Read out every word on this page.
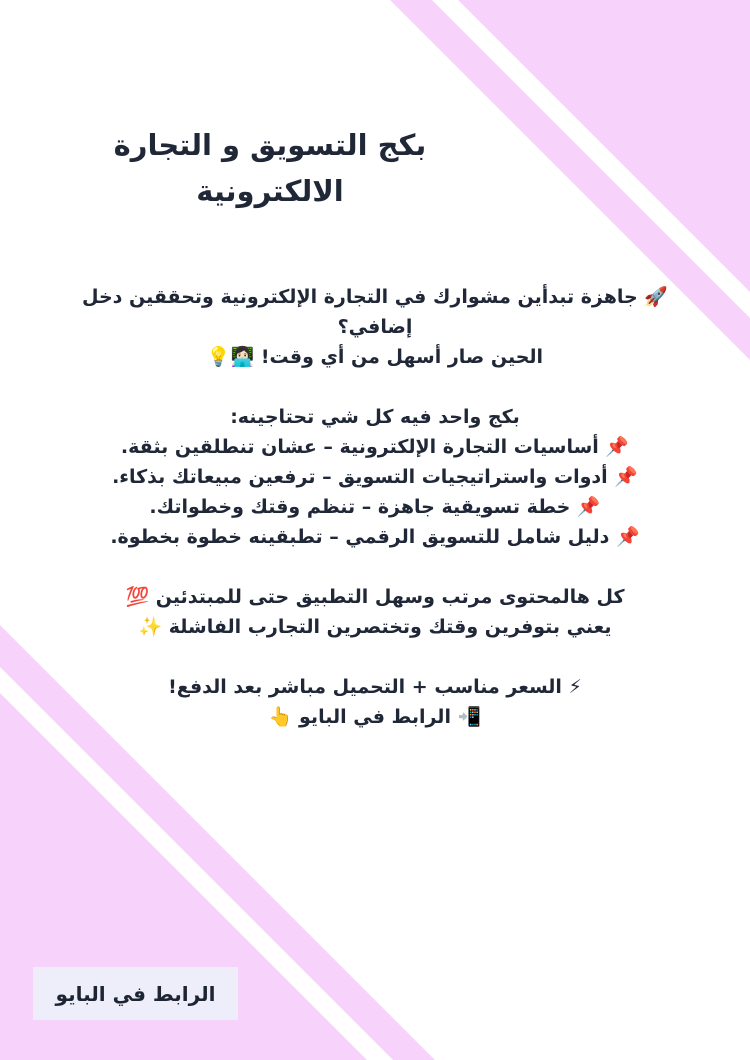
بكج التسويق و التجارة الالكترونية

🚀 جاهزة تبدأين مشوارك في التجارة الإلكترونية وتحققين دخل إضافي؟

الحين صار أسهل من أي وقت! 👩🏻‍💻💡

بكج واحد فيه كل شي تحتاجينه:

📌 أساسيات التجارة الإلكترونية – عشان تنطلقين بثقة.

📌 أدوات واستراتيجيات التسويق – ترفعين مبيعاتك بذكاء.

📌 خطة تسويقية جاهزة – تنظم وقتك وخطواتك.

📌 دليل شامل للتسويق الرقمي – تطبقينه خطوة بخطوة.

كل هالمحتوى مرتب وسهل التطبيق حتى للمبتدئين 💯

يعني بتوفرين وقتك وتختصرين التجارب الفاشلة ✨

⚡ السعر مناسب + التحميل مباشر بعد الدفع!

📲 الرابط في البايو 👆

الرابط في البايو
